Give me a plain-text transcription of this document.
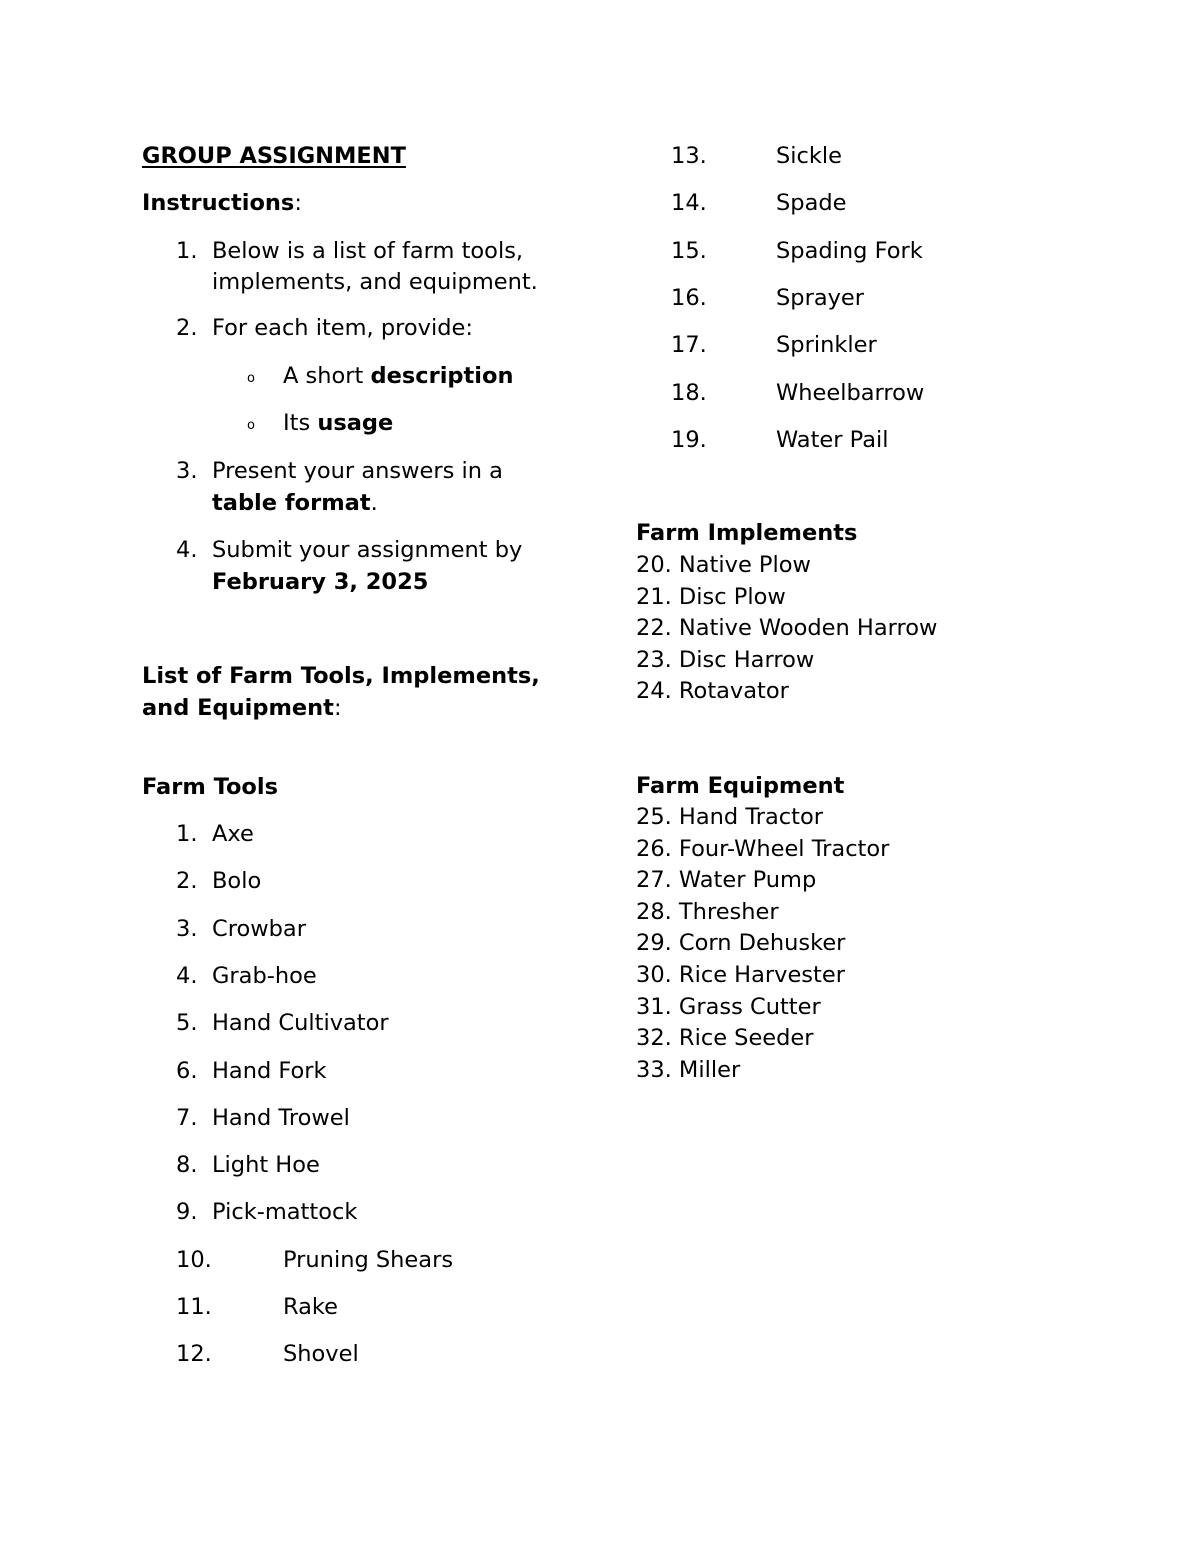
GROUP ASSIGNMENT
Instructions:
1. Below is a list of farm tools,
implements, and equipment.
2. For each item, provide:
o A short description
o Its usage
3. Present your answers in a
table format.
4. Submit your assignment by
February 3, 2025
List of Farm Tools, Implements,
and Equipment:
Farm Tools
1. Axe
2. Bolo
3. Crowbar
4. Grab-hoe
5. Hand Cultivator
6. Hand Fork
7. Hand Trowel
8. Light Hoe
9. Pick-mattock
10.	Pruning Shears
11.	Rake
12.	Shovel
13.	Sickle
14.	Spade
15.	Spading Fork
16.	Sprayer
17.	Sprinkler
18.	Wheelbarrow
19.	Water Pail
Farm Implements
20. Native Plow
21. Disc Plow
22. Native Wooden Harrow
23. Disc Harrow
24. Rotavator
Farm Equipment
25. Hand Tractor
26. Four-Wheel Tractor
27. Water Pump
28. Thresher
29. Corn Dehusker
30. Rice Harvester
31. Grass Cutter
32. Rice Seeder
33. Miller
